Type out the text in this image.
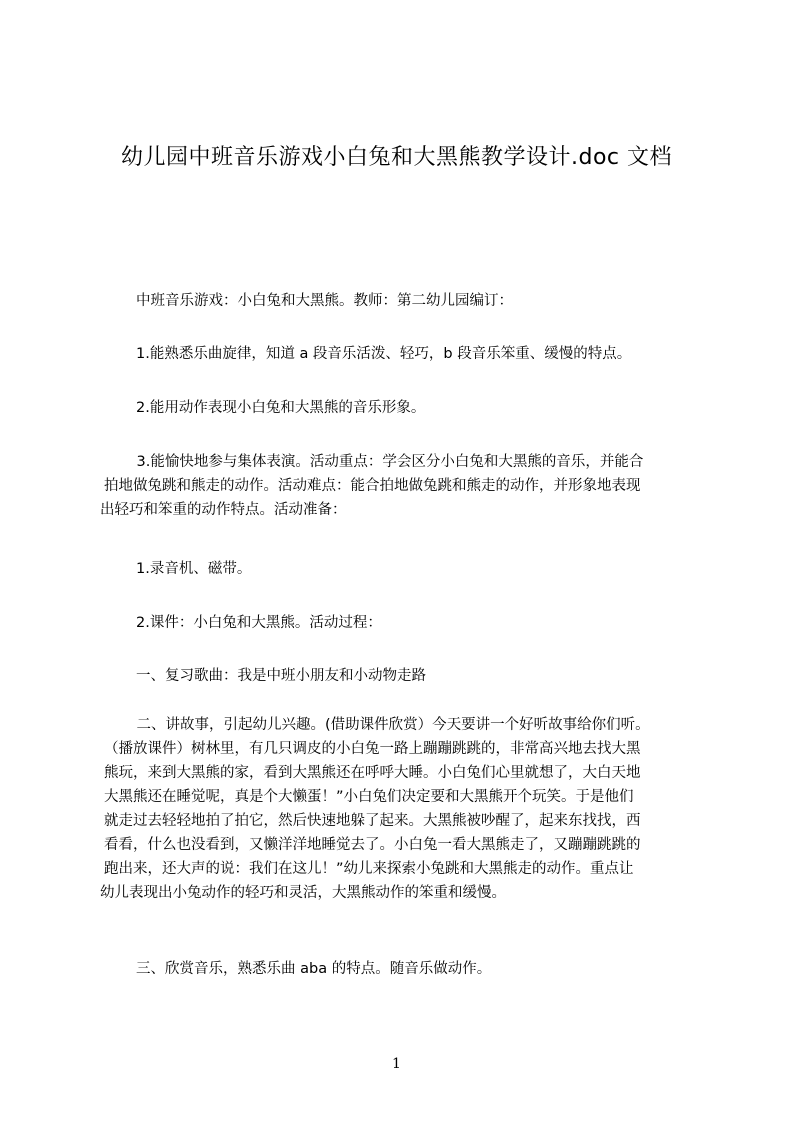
幼儿园中班音乐游戏小白兔和大黑熊教学设计.doc 文档
中班音乐游戏：小白兔和大黑熊。教师：第二幼儿园编订：
1.能熟悉乐曲旋律，知道 a 段音乐活泼、轻巧，b 段音乐笨重、缓慢的特点。
2.能用动作表现小白兔和大黑熊的音乐形象。
　3.能愉快地参与集体表演。活动重点：学会区分小白兔和大黑熊的音乐，并能合
拍地做兔跳和熊走的动作。活动难点：能合拍地做兔跳和熊走的动作，并形象地表现
出轻巧和笨重的动作特点。活动准备：
1.录音机、磁带。
2.课件：小白兔和大黑熊。活动过程：
一、复习歌曲：我是中班小朋友和小动物走路
　二、讲故事，引起幼儿兴趣。(借助课件欣赏）今天要讲一个好听故事给你们听。
（播放课件）树林里，有几只调皮的小白兔一路上蹦蹦跳跳的，非常高兴地去找大黑
熊玩，来到大黑熊的家，看到大黑熊还在呼呼大睡。小白兔们心里就想了，大白天地
大黑熊还在睡觉呢，真是个大懒蛋！”小白兔们决定要和大黑熊开个玩笑。于是他们
就走过去轻轻地拍了拍它，然后快速地躲了起来。大黑熊被吵醒了，起来东找找，西
看看，什么也没看到，又懒洋洋地睡觉去了。小白兔一看大黑熊走了，又蹦蹦跳跳的
跑出来，还大声的说：我们在这儿！”幼儿来探索小兔跳和大黑熊走的动作。重点让
幼儿表现出小兔动作的轻巧和灵活，大黑熊动作的笨重和缓慢。
三、欣赏音乐，熟悉乐曲 aba 的特点。随音乐做动作。
1
